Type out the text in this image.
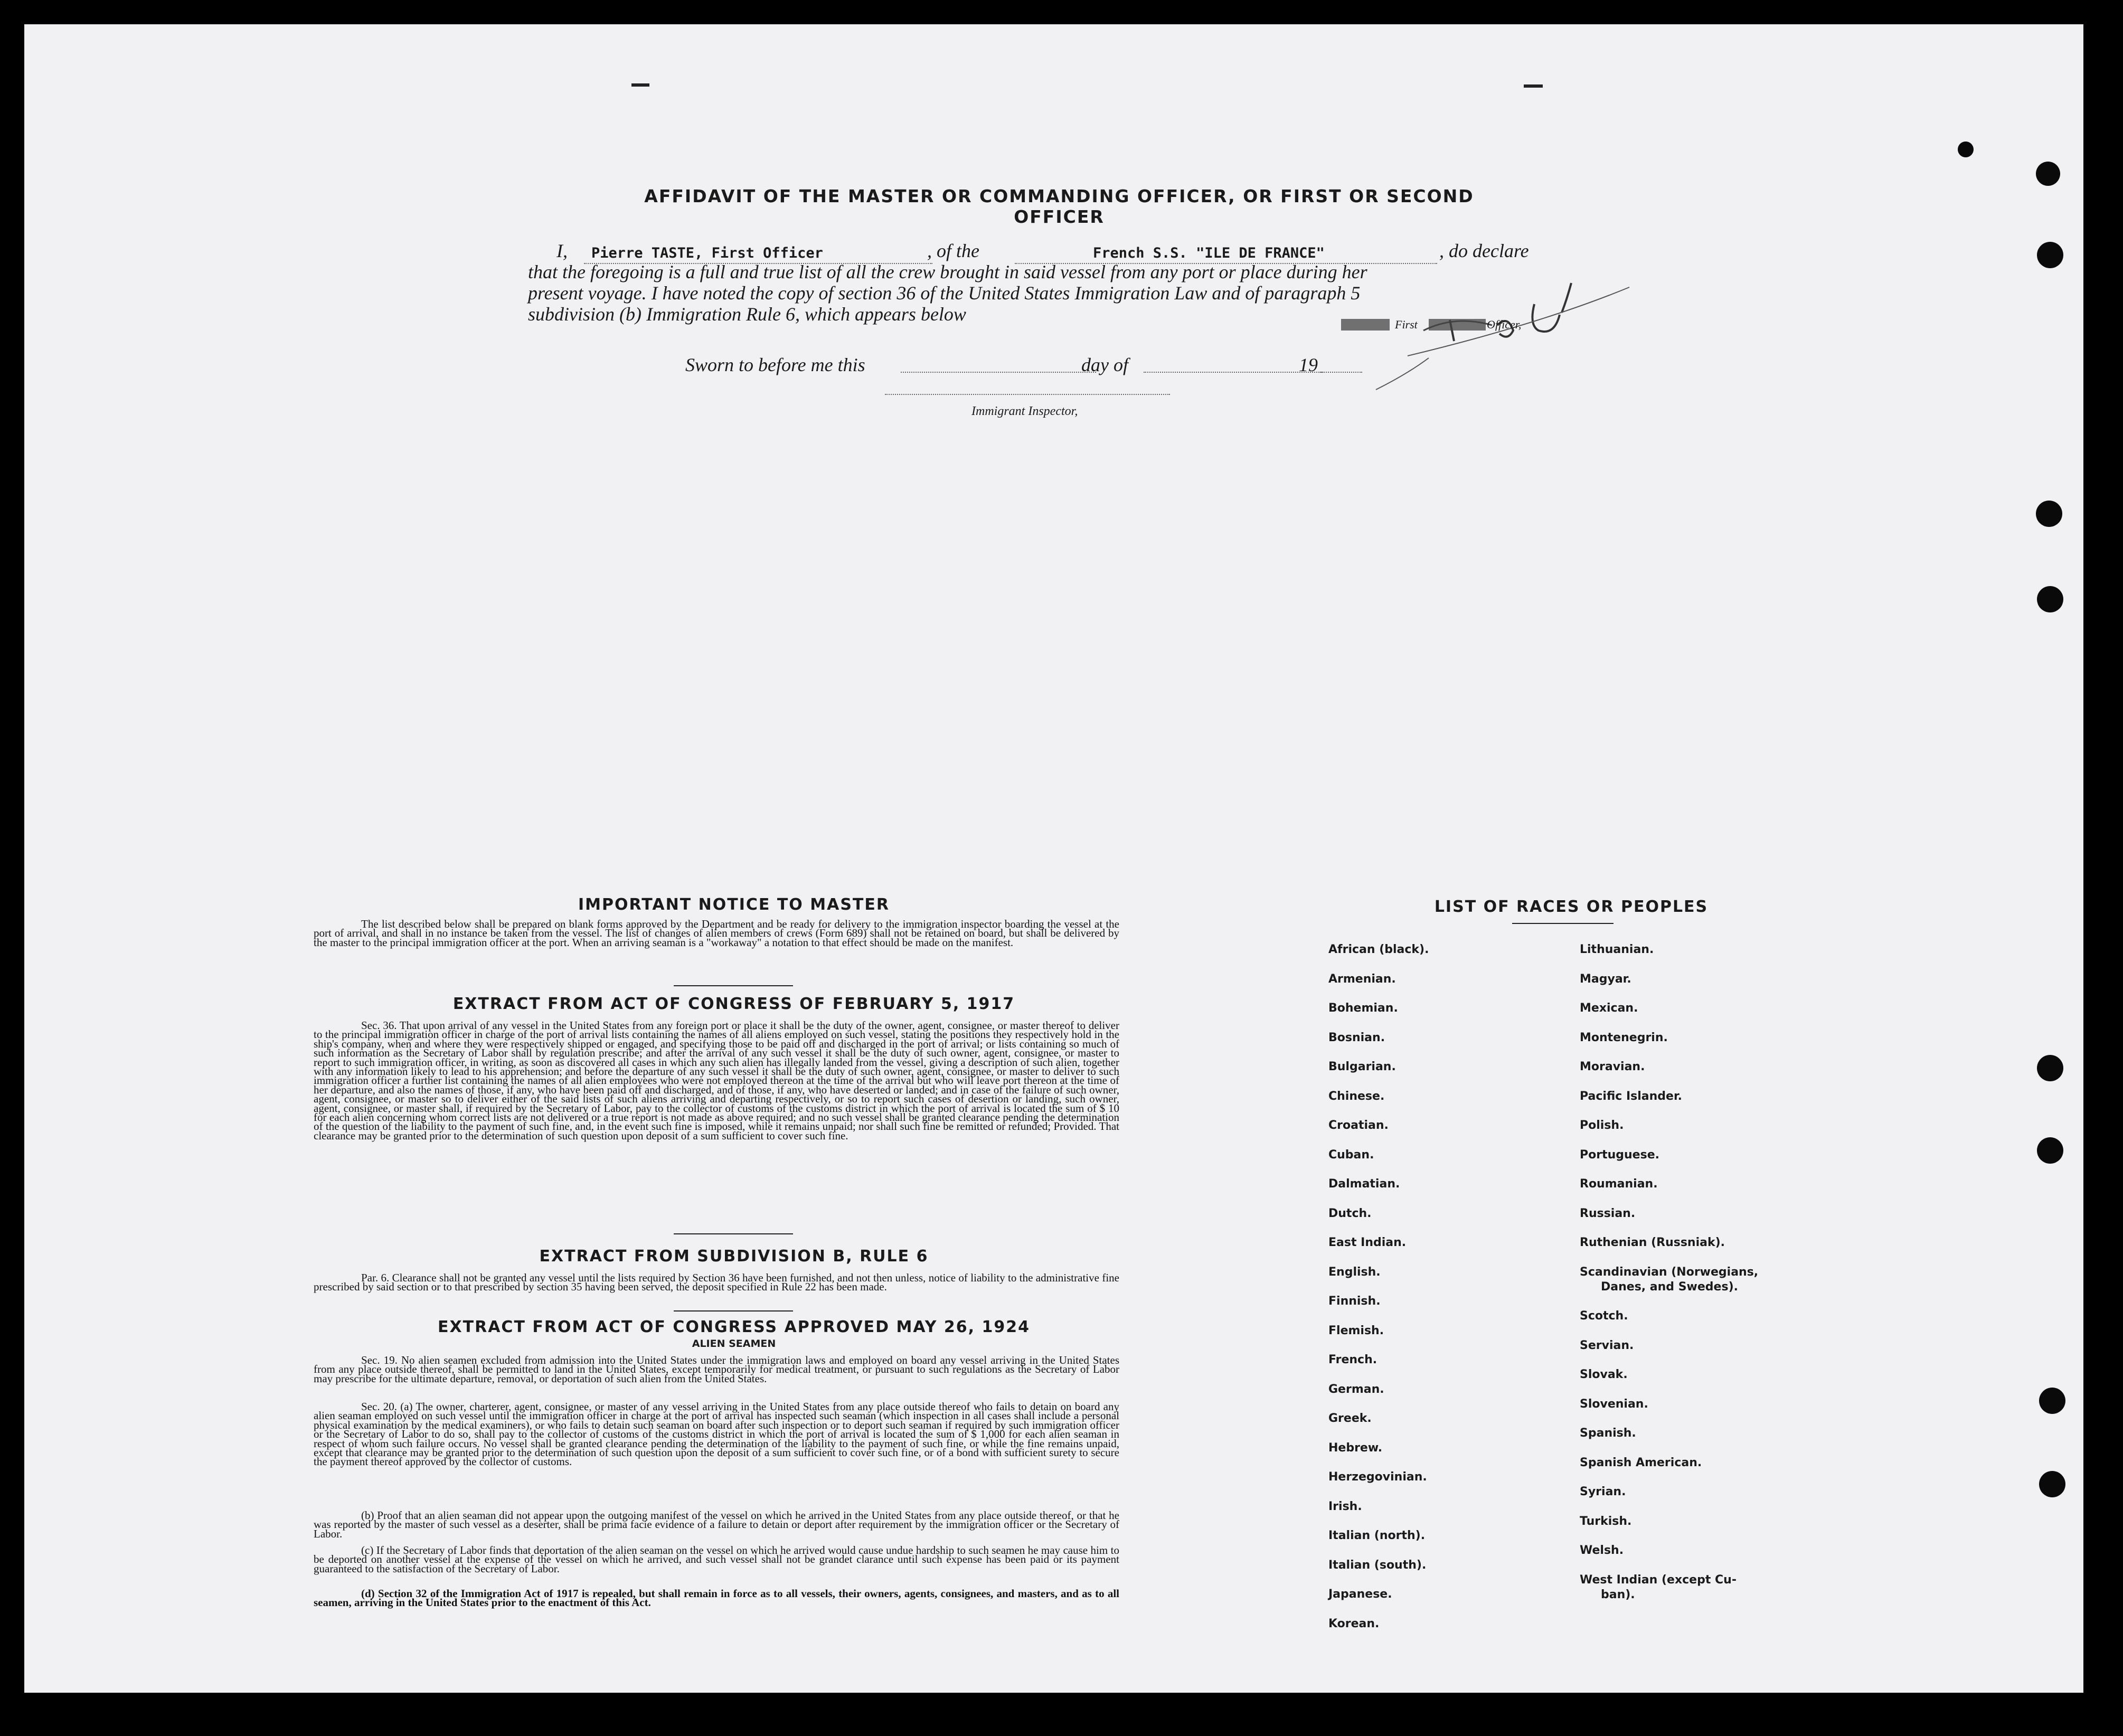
AFFIDAVIT OF THE MASTER OR COMMANDING OFFICER, OR FIRST OR SECOND OFFICER
I, Pierre TASTE, First Officer	, of the	French S.S. "ILE DE FRANCE"	, do declare
that the foregoing is a full and true list of all the crew brought in said vessel from any port or place during her
present voyage. I have noted the copy of section 36 of the United States Immigration Law and of paragraph 5
subdivision (b) Immigration Rule 6, which appears below	First	Officer,
Sworn to before me this	day of	19
Immigrant Inspector,
IMPORTANT NOTICE TO MASTER
The list described below shall be prepared on blank forms approved by the Department and be ready for delivery to the immigration inspector boarding the vessel at the port of arrival, and shall in no instance be taken from the vessel. The list of changes of alien members of crews (Form 689) shall not be retained on board, but shall be delivered by the master to the principal immigration officer at the port. When an arriving seaman is a "workaway" a notation to that effect should be made on the manifest.
EXTRACT FROM ACT OF CONGRESS OF FEBRUARY 5, 1917
Sec. 36. That upon arrival of any vessel in the United States from any foreign port or place it shall be the duty of the owner, agent, consignee, or master thereof to deliver to the principal immigration officer in charge of the port of arrival lists containing the names of all aliens employed on such vessel, stating the positions they respectively hold in the ship's company, when and where they were respectively shipped or engaged, and specifying those to be paid off and discharged in the port of arrival; or lists containing so much of such information as the Secretary of Labor shall by regulation prescribe; and after the arrival of any such vessel it shall be the duty of such owner, agent, consignee, or master to report to such immigration officer, in writing, as soon as discovered all cases in which any such alien has illegally landed from the vessel, giving a description of such alien, together with any information likely to lead to his apprehension; and before the departure of any such vessel it shall be the duty of such owner, agent, consignee, or master to deliver to such immigration officer a further list containing the names of all alien employees who were not employed thereon at the time of the arrival but who will leave port thereon at the time of her departure, and also the names of those, if any, who have been paid off and discharged, and of those, if any, who have deserted or landed; and in case of the failure of such owner, agent, consignee, or master so to deliver either of the said lists of such aliens arriving and departing respectively, or so to report such cases of desertion or landing, such owner, agent, consignee, or master shall, if required by the Secretary of Labor, pay to the collector of customs of the customs district in which the port of arrival is located the sum of $ 10 for each alien concerning whom correct lists are not delivered or a true report is not made as above required; and no such vessel shall be granted clearance pending the determination of the question of the liability to the payment of such fine, and, in the event such fine is imposed, while it remains unpaid; nor shall such fine be remitted or refunded; Provided. That clearance may be granted prior to the determination of such question upon deposit of a sum sufficient to cover such fine.
EXTRACT FROM SUBDIVISION B, RULE 6
Par. 6. Clearance shall not be granted any vessel until the lists required by Section 36 have been furnished, and not then unless, notice of liability to the administrative fine prescribed by said section or to that prescribed by section 35 having been served, the deposit specified in Rule 22 has been made.
EXTRACT FROM ACT OF CONGRESS APPROVED MAY 26, 1924
ALIEN SEAMEN
Sec. 19. No alien seamen excluded from admission into the United States under the immigration laws and employed on board any vessel arriving in the United States from any place outside thereof, shall be permitted to land in the United States, except temporarily for medical treatment, or pursuant to such regulations as the Secretary of Labor may prescribe for the ultimate departure, removal, or deportation of such alien from the United States.
Sec. 20. (a) The owner, charterer, agent, consignee, or master of any vessel arriving in the United States from any place outside thereof who fails to detain on board any alien seaman employed on such vessel until the immigration officer in charge at the port of arrival has inspected such seaman (which inspection in all cases shall include a personal physical examination by the medical examiners), or who fails to detain such seaman on board after such inspection or to deport such seaman if required by such immigration officer or the Secretary of Labor to do so, shall pay to the collector of customs of the customs district in which the port of arrival is located the sum of $ 1,000 for each alien seaman in respect of whom such failure occurs. No vessel shall be granted clearance pending the determination of the liability to the payment of such fine, or while the fine remains unpaid, except that clearance may be granted prior to the determination of such question upon the deposit of a sum sufficient to cover such fine, or of a bond with sufficient surety to secure the payment thereof approved by the collector of customs.
(b) Proof that an alien seaman did not appear upon the outgoing manifest of the vessel on which he arrived in the United States from any place outside thereof, or that he was reported by the master of such vessel as a deserter, shall be prima facie evidence of a failure to detain or deport after requirement by the immigration officer or the Secretary of Labor.
(c) If the Secretary of Labor finds that deportation of the alien seaman on the vessel on which he arrived would cause undue hardship to such seamen he may cause him to be deported on another vessel at the expense of the vessel on which he arrived, and such vessel shall not be grandet clarance until such expense has been paid or its payment guaranteed to the satisfaction of the Secretary of Labor.
(d) Section 32 of the Immigration Act of 1917 is repealed, but shall remain in force as to all vessels, their owners, agents, consignees, and masters, and as to all seamen, arriving in the United States prior to the enactment of this Act.
LIST OF RACES OR PEOPLES
African (black).
Armenian.
Bohemian.
Bosnian.
Bulgarian.
Chinese.
Croatian.
Cuban.
Dalmatian.
Dutch.
East Indian.
English.
Finnish.
Flemish.
French.
German.
Greek.
Hebrew.
Herzegovinian.
Irish.
Italian (north).
Italian (south).
Japanese.
Korean.
Lithuanian.
Magyar.
Mexican.
Montenegrin.
Moravian.
Pacific Islander.
Polish.
Portuguese.
Roumanian.
Russian.
Ruthenian (Russniak).
Scandinavian (Norwegians,
Danes, and Swedes).
Scotch.
Servian.
Slovak.
Slovenian.
Spanish.
Spanish American.
Syrian.
Turkish.
Welsh.
West Indian (except Cu-
ban).
